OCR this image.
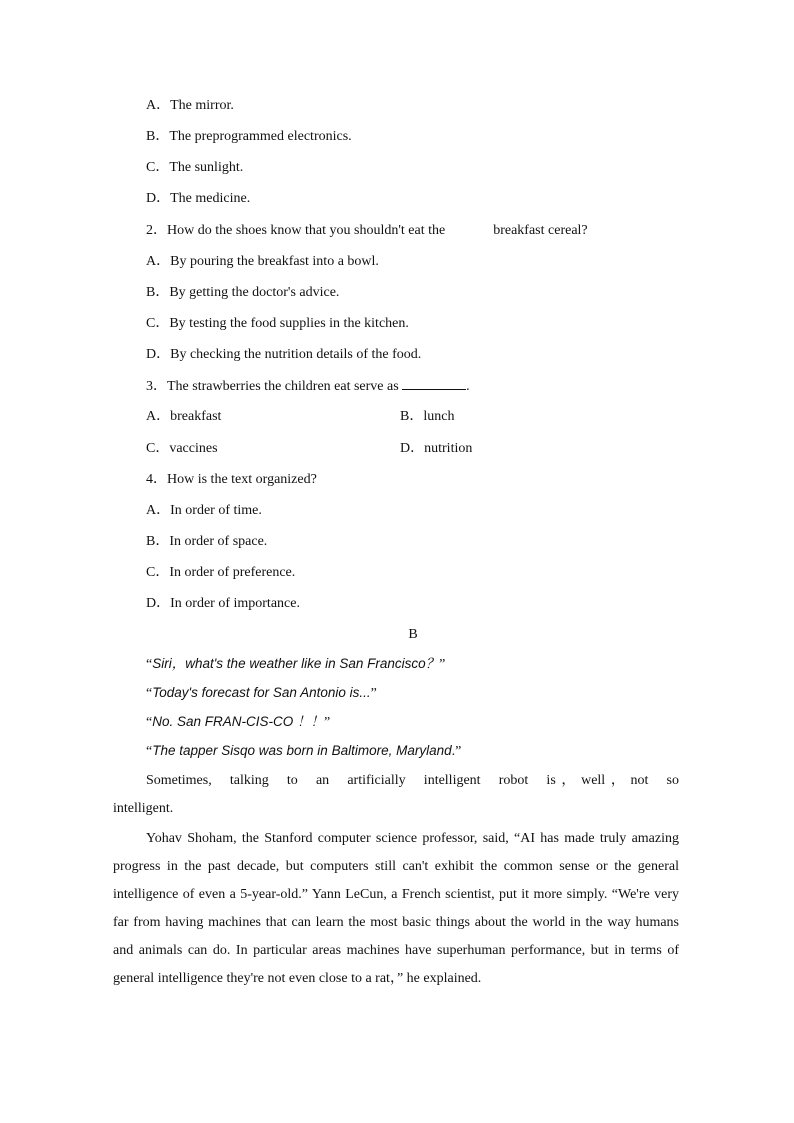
A．The mirror.
B．The preprogrammed electronics.
C．The sunlight.
D．The medicine.
2．How do the shoes know that you shouldn't eat the	breakfast cereal?
A．By pouring the breakfast into a bowl.
B．By getting the doctor's advice.
C．By testing the food supplies in the kitchen.
D．By checking the nutrition details of the food.
3．The strawberries the children eat serve as	.
A．breakfast	B．lunch
C．vaccines	D．nutrition
4．How is the text organized?
A．In order of time.
B．In order of space.
C．In order of preference.
D．In order of importance.
B
“Siri，what's the weather like in San Francisco？”
“Today's forecast for San Antonio is...”
“No. San FRAN-CIS-CO ！！”
“The tapper Sisqo was born in Baltimore, Maryland.”
Sometimes, talking to an artificially intelligent robot is，well，not so intelligent.
Yohav Shoham, the Stanford computer science professor, said, “AI has made truly amazing progress in the past decade, but computers still can't exhibit the common sense or the general intelligence of even a 5-year-old.” Yann LeCun, a French scientist, put it more simply. “We're very far from having machines that can learn the most basic things about the world in the way humans and animals can do. In particular areas machines have superhuman performance, but in terms of general intelligence they're not even close to a rat，” he explained.
